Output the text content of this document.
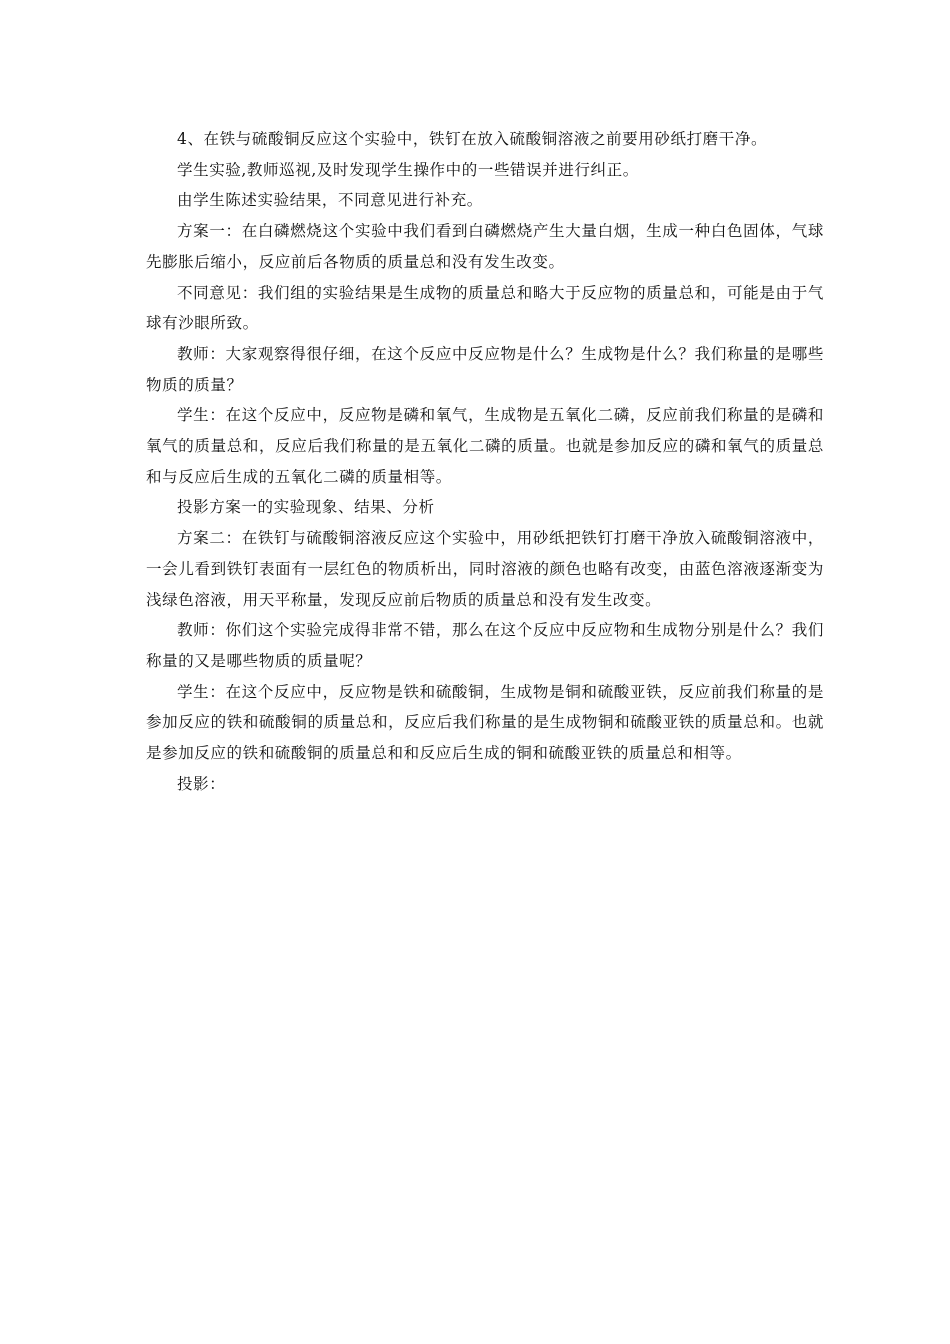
4、在铁与硫酸铜反应这个实验中，铁钉在放入硫酸铜溶液之前要用砂纸打磨干净。

学生实验,教师巡视,及时发现学生操作中的一些错误并进行纠正。

由学生陈述实验结果，不同意见进行补充。

方案一：在白磷燃烧这个实验中我们看到白磷燃烧产生大量白烟，生成一种白色固体，气球先膨胀后缩小，反应前后各物质的质量总和没有发生改变。

不同意见：我们组的实验结果是生成物的质量总和略大于反应物的质量总和，可能是由于气球有沙眼所致。

教师：大家观察得很仔细，在这个反应中反应物是什么？生成物是什么？我们称量的是哪些物质的质量？

学生：在这个反应中，反应物是磷和氧气，生成物是五氧化二磷，反应前我们称量的是磷和氧气的质量总和，反应后我们称量的是五氧化二磷的质量。也就是参加反应的磷和氧气的质量总和与反应后生成的五氧化二磷的质量相等。

投影方案一的实验现象、结果、分析

方案二：在铁钉与硫酸铜溶液反应这个实验中，用砂纸把铁钉打磨干净放入硫酸铜溶液中，一会儿看到铁钉表面有一层红色的物质析出，同时溶液的颜色也略有改变，由蓝色溶液逐渐变为浅绿色溶液，用天平称量，发现反应前后物质的质量总和没有发生改变。

教师：你们这个实验完成得非常不错，那么在这个反应中反应物和生成物分别是什么？我们称量的又是哪些物质的质量呢？

学生：在这个反应中，反应物是铁和硫酸铜，生成物是铜和硫酸亚铁，反应前我们称量的是参加反应的铁和硫酸铜的质量总和，反应后我们称量的是生成物铜和硫酸亚铁的质量总和。也就是参加反应的铁和硫酸铜的质量总和和反应后生成的铜和硫酸亚铁的质量总和相等。

投影：
